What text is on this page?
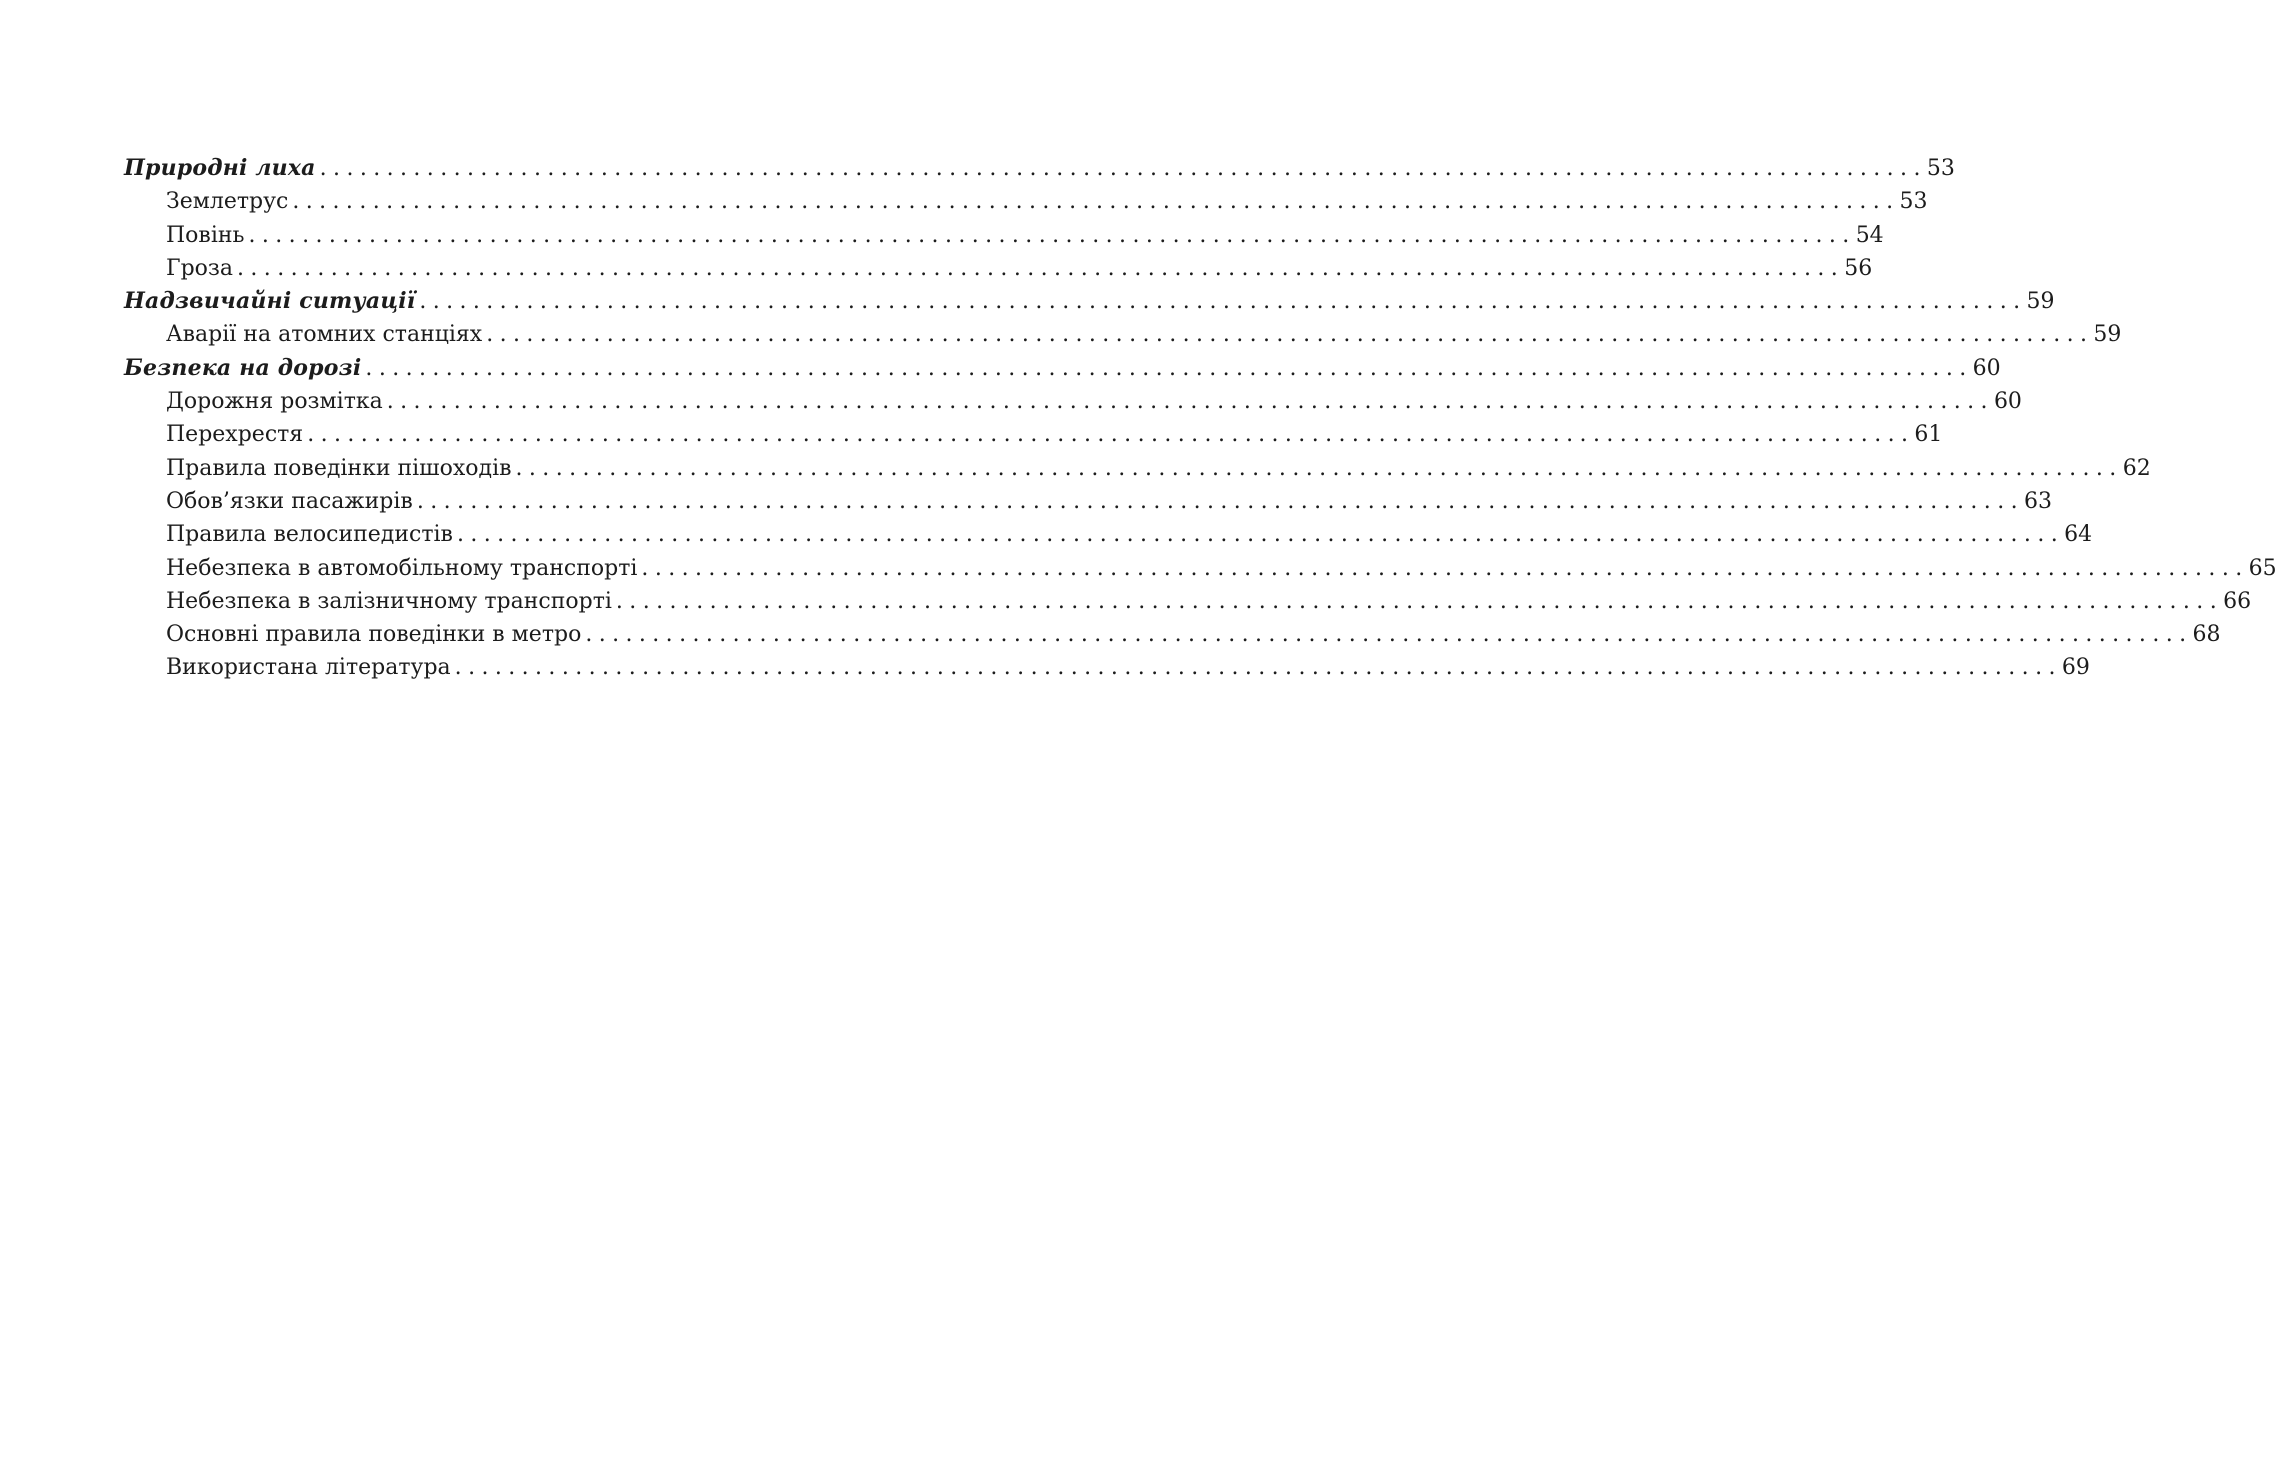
Природні лиха ........................................................................................................................ 53
Землетрус ........................................................................................................................ 53
Повінь ........................................................................................................................ 54
Гроза ........................................................................................................................ 56
Надзвичайні ситуації ........................................................................................................................ 59
Аварії на атомних станціях ........................................................................................................................ 59
Безпека на дорозі ........................................................................................................................ 60
Дорожня розмітка ........................................................................................................................ 60
Перехрестя ........................................................................................................................ 61
Правила поведінки пішоходів ........................................................................................................................ 62
Обов’язки пасажирів ........................................................................................................................ 63
Правила велосипедистів ........................................................................................................................ 64
Небезпека в автомобільному транспорті ........................................................................................................................ 65
Небезпека в залізничному транспорті ........................................................................................................................ 66
Основні правила поведінки в метро ........................................................................................................................ 68
Використана література ........................................................................................................................ 69
